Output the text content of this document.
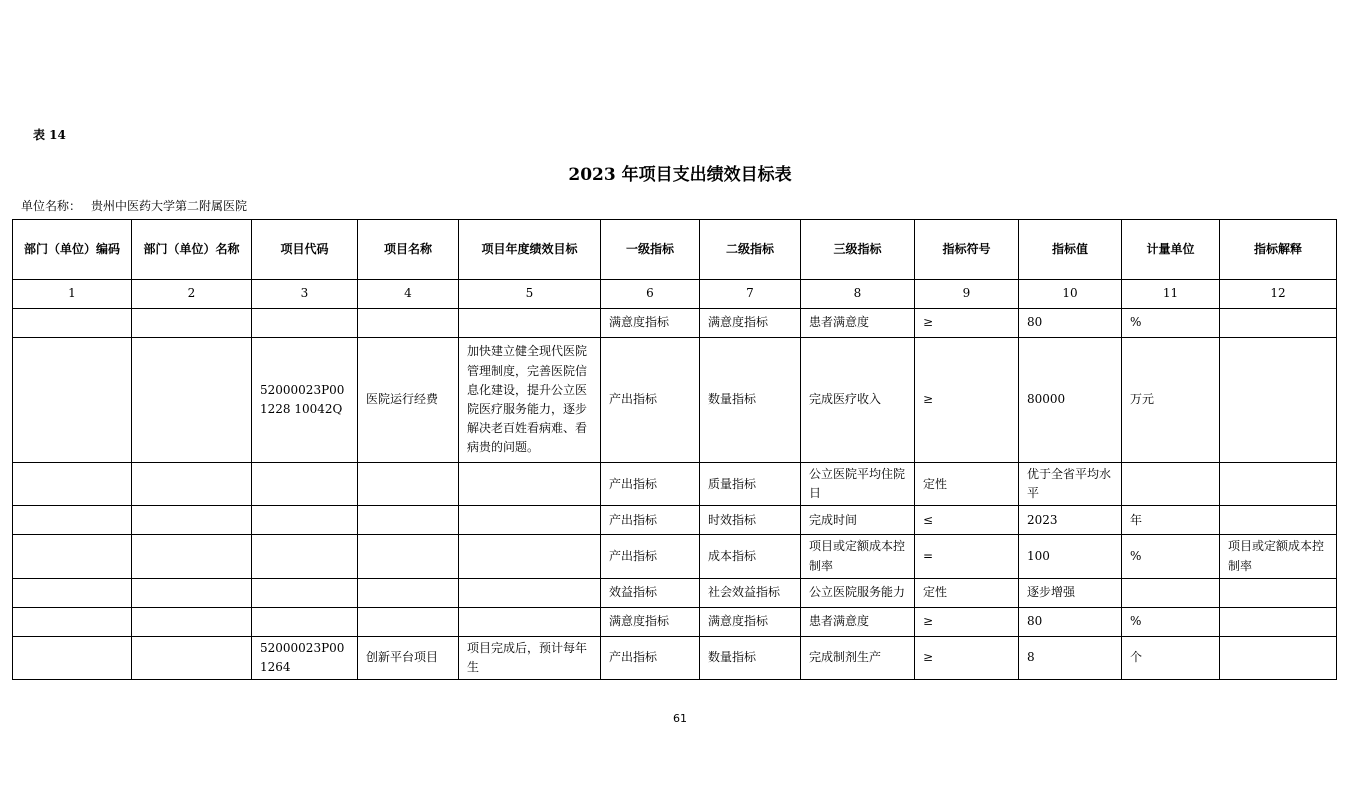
表 14
2023 年项目支出绩效目标表
单位名称： 贵州中医药大学第二附属医院
部门（单位）编码	部门（单位）名称	项目代码	项目名称	项目年度绩效目标	一级指标	二级指标	三级指标	指标符号	指标值	计量单位	指标解释
1	2	3	4	5	6	7	8	9	10	11	12
					满意度指标	满意度指标	患者满意度	≥	80	%	
		52000023P001228 10042Q	医院运行经费	加快建立健全现代医院管理制度，完善医院信息化建设，提升公立医院医疗服务能力，逐步解决老百姓看病难、看病贵的问题。	产出指标	数量指标	完成医疗收入	≥	80000	万元	
					产出指标	质量指标	公立医院平均住院日	定性	优于全省平均水平		
					产出指标	时效指标	完成时间	≤	2023	年	
					产出指标	成本指标	项目或定额成本控制率	=	100	%	项目或定额成本控制率
					效益指标	社会效益指标	公立医院服务能力	定性	逐步增强		
					满意度指标	满意度指标	患者满意度	≥	80	%	
		52000023P001264	创新平台项目	项目完成后，预计每年生	产出指标	数量指标	完成制剂生产	≥	8	个	
61
